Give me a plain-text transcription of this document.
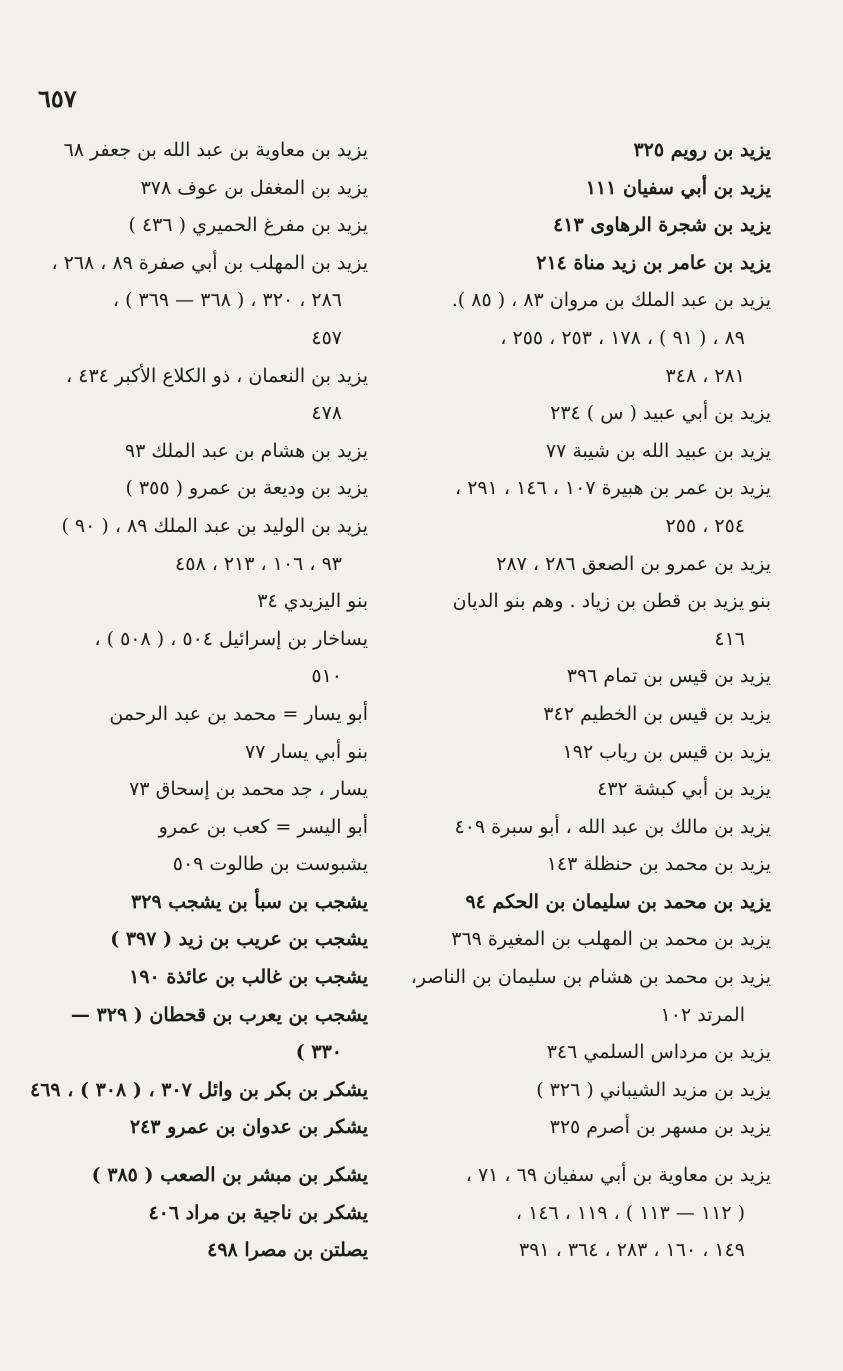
٦٥٧
يزيد بن رويم ٣٢٥
يزيد بن أبي سفيان ١١١
يزيد بن شجرة الرهاوى ٤١٣
يزيد بن عامر بن زيد مناة ٢١٤
يزيد بن عبد الملك بن مروان ٨٣ ، ( ٨٥ ).
٨٩ ، ( ٩١ ) ، ١٧٨ ، ٢٥٣ ، ٢٥٥ ،
٢٨١ ، ٣٤٨
يزيد بن أبي عبيد ( س ) ٢٣٤
يزيد بن عبيد الله بن شيبة ٧٧
يزيد بن عمر بن هبيرة ١٠٧ ، ١٤٦ ، ٢٩١ ،
٢٥٤ ، ٢٥٥
يزيد بن عمرو بن الصعق ٢٨٦ ، ٢٨٧
بنو يزيد بن قطن بن زياد . وهم بنو الديان
٤١٦
يزيد بن قيس بن تمام ٣٩٦
يزيد بن قيس بن الخطيم ٣٤٢
يزيد بن قيس بن رياب ١٩٢
يزيد بن أبي كبشة ٤٣٢
يزيد بن مالك بن عبد الله ، أبو سبرة ٤٠٩
يزيد بن محمد بن حنظلة ١٤٣
يزيد بن محمد بن سليمان بن الحكم ٩٤
يزيد بن محمد بن المهلب بن المغيرة ٣٦٩
يزيد بن محمد بن هشام بن سليمان بن الناصر،
المرتد ١٠٢
يزيد بن مرداس السلمي ٣٤٦
يزيد بن مزيد الشيباني ( ٣٢٦ )
يزيد بن مسهر بن أصرم ٣٢٥
يزيد بن معاوية بن أبي سفيان ٦٩ ، ٧١ ،
( ١١٢ — ١١٣ ) ، ١١٩ ، ١٤٦ ،
١٤٩ ، ١٦٠ ، ٢٨٣ ، ٣٦٤ ، ٣٩١
يزيد بن معاوية بن عبد الله بن جعفر ٦٨
يزيد بن المغفل بن عوف ٣٧٨
يزيد بن مفرغ الحميري ( ٤٣٦ )
يزيد بن المهلب بن أبي صفرة ٨٩ ، ٢٦٨ ،
٢٨٦ ، ٣٢٠ ، ( ٣٦٨ — ٣٦٩ ) ،
٤٥٧
يزيد بن النعمان ، ذو الكلاع الأكبر ٤٣٤ ،
٤٧٨
يزيد بن هشام بن عبد الملك ٩٣
يزيد بن وديعة بن عمرو ( ٣٥٥ )
يزيد بن الوليد بن عبد الملك ٨٩ ، ( ٩٠ )
٩٣ ، ١٠٦ ، ٢١٣ ، ٤٥٨
بنو اليزيدي ٣٤
يساخار بن إسرائيل ٥٠٤ ، ( ٥٠٨ ) ،
٥١٠
أبو يسار = محمد بن عبد الرحمن
بنو أبي يسار ٧٧
يسار ، جد محمد بن إسحاق ٧٣
أبو اليسر = كعب بن عمرو
يشبوست بن طالوت ٥٠٩
يشجب بن سبأ بن يشجب ٣٢٩
يشجب بن عريب بن زيد ( ٣٩٧ )
يشجب بن غالب بن عائذة ١٩٠
يشجب بن يعرب بن قحطان ( ٣٢٩ —
٣٣٠ )
يشكر بن بكر بن وائل ٣٠٧ ، ( ٣٠٨ ) ، ٤٦٩
يشكر بن عدوان بن عمرو ٢٤٣
يشكر بن مبشر بن الصعب ( ٣٨٥ )
يشكر بن ناجية بن مراد ٤٠٦
يصلتن بن مصرا ٤٩٨
